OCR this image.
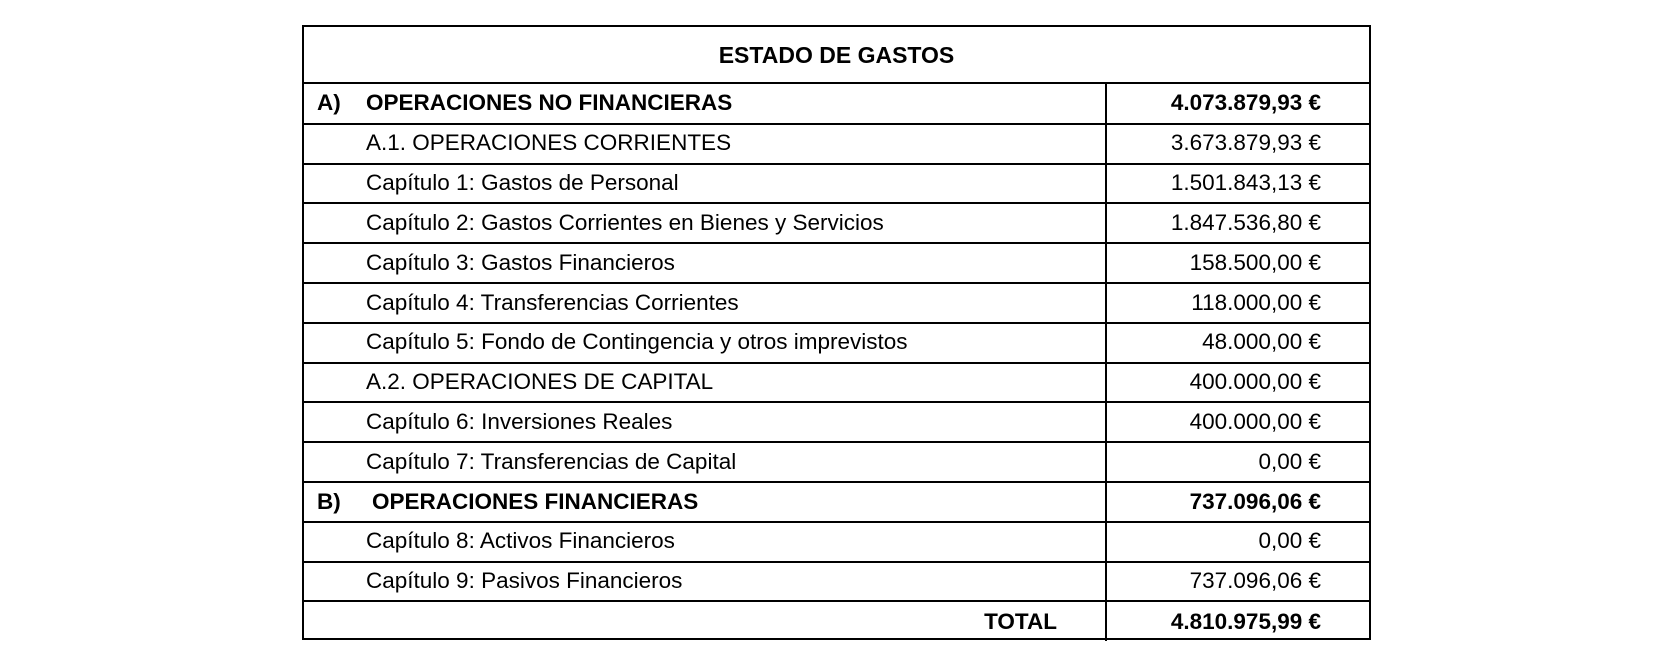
ESTADO DE GASTOS
A)	OPERACIONES NO FINANCIERAS	4.073.879,93 €
	A.1. OPERACIONES CORRIENTES	3.673.879,93 €
	Capítulo 1: Gastos de Personal	1.501.843,13 €
	Capítulo 2: Gastos Corrientes en Bienes y Servicios	1.847.536,80 €
	Capítulo 3: Gastos Financieros	158.500,00 €
	Capítulo 4: Transferencias Corrientes	118.000,00 €
	Capítulo 5: Fondo de Contingencia y otros imprevistos	48.000,00 €
	A.2. OPERACIONES DE CAPITAL	400.000,00 €
	Capítulo 6: Inversiones Reales	400.000,00 €
	Capítulo 7: Transferencias de Capital	0,00 €
B)	OPERACIONES FINANCIERAS	737.096,06 €
	Capítulo 8: Activos Financieros	0,00 €
	Capítulo 9: Pasivos Financieros	737.096,06 €
	TOTAL	4.810.975,99 €
